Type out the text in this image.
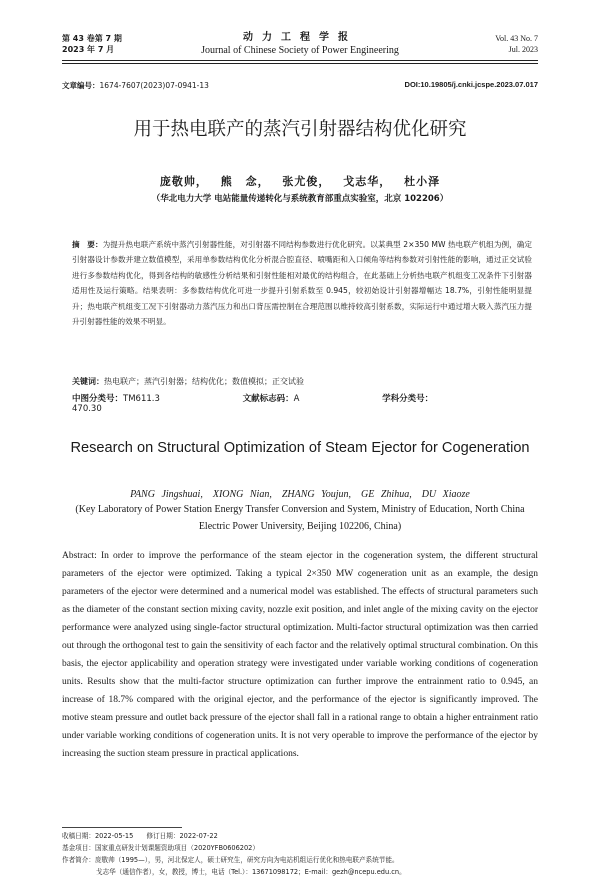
第 43 卷第 7 期
2023 年 7 月
动力工程学报
Journal of Chinese Society of Power Engineering
Vol. 43 No. 7
Jul. 2023
文章编号：1674-7607(2023)07-0941-13	DOI:10.19805/j.cnki.jcspe.2023.07.017
用于热电联产的蒸汽引射器结构优化研究
庞敬帅， 熊 念， 张尤俊， 戈志华， 杜小泽
（华北电力大学 电站能量传递转化与系统教育部重点实验室，北京 102206）
摘　要：为提升热电联产系统中蒸汽引射器性能，对引射器不同结构参数进行优化研究。以某典型 2×350 MW 热电联产机组为例，确定引射器设计参数并建立数值模型，采用单参数结构优化分析混合腔直径、喷嘴距和入口倾角等结构参数对引射性能的影响，通过正交试验进行多参数结构优化，得到各结构的敏感性分析结果和引射性能相对最优的结构组合，在此基础上分析热电联产机组变工况条件下引射器适用性及运行策略。结果表明：多参数结构优化可进一步提升引射系数至 0.945，较初始设计引射器增幅达 18.7%，引射性能明显提升；热电联产机组变工况下引射器动力蒸汽压力和出口背压需控制在合理范围以维持较高引射系数，实际运行中通过增大吸入蒸汽压力提升引射器性能的效果不明显。
关键词：热电联产；蒸汽引射器；结构优化；数值模拟；正交试验
中图分类号：TM611.3	文献标志码：A	学科分类号：470.30
Research on Structural Optimization of Steam Ejector for Cogeneration
PANG Jingshuai,　XIONG Nian,　ZHANG Youjun,　GE Zhihua,　DU Xiaoze
(Key Laboratory of Power Station Energy Transfer Conversion and System, Ministry of Education, North China Electric Power University, Beijing 102206, China)
Abstract: In order to improve the performance of the steam ejector in the cogeneration system, the different structural parameters of the ejector were optimized. Taking a typical 2×350 MW cogeneration unit as an example, the design parameters of the ejector were determined and a numerical model was established. The effects of structural parameters such as the diameter of the constant section mixing cavity, nozzle exit position, and inlet angle of the mixing cavity on the ejector performance were analyzed using single-factor structural optimization. Multi-factor structural optimization was then carried out through the orthogonal test to gain the sensitivity of each factor and the relatively optimal structural combination. On this basis, the ejector applicability and operation strategy were investigated under variable working conditions of cogeneration units. Results show that the multi-factor structure optimization can further improve the entrainment ratio to 0.945, an increase of 18.7% compared with the original ejector, and the performance of the ejector is significantly improved. The motive steam pressure and outlet back pressure of the ejector shall fall in a rational range to obtain a higher entrainment ratio under variable working conditions of cogeneration units. It is not very operable to improve the performance of the ejector by increasing the suction steam pressure in practical applications.
收稿日期：2022-05-15　　修订日期：2022-07-22
基金项目：国家重点研发计划课题资助项目（2020YFB0606202）
作者简介：庞敬帅（1995—），男，河北保定人，硕士研究生，研究方向为电站机组运行优化和热电联产系统节能。
戈志华（通信作者），女，教授，博士，电话（Tel.）：13671098172；E-mail：gezh@ncepu.edu.cn。
